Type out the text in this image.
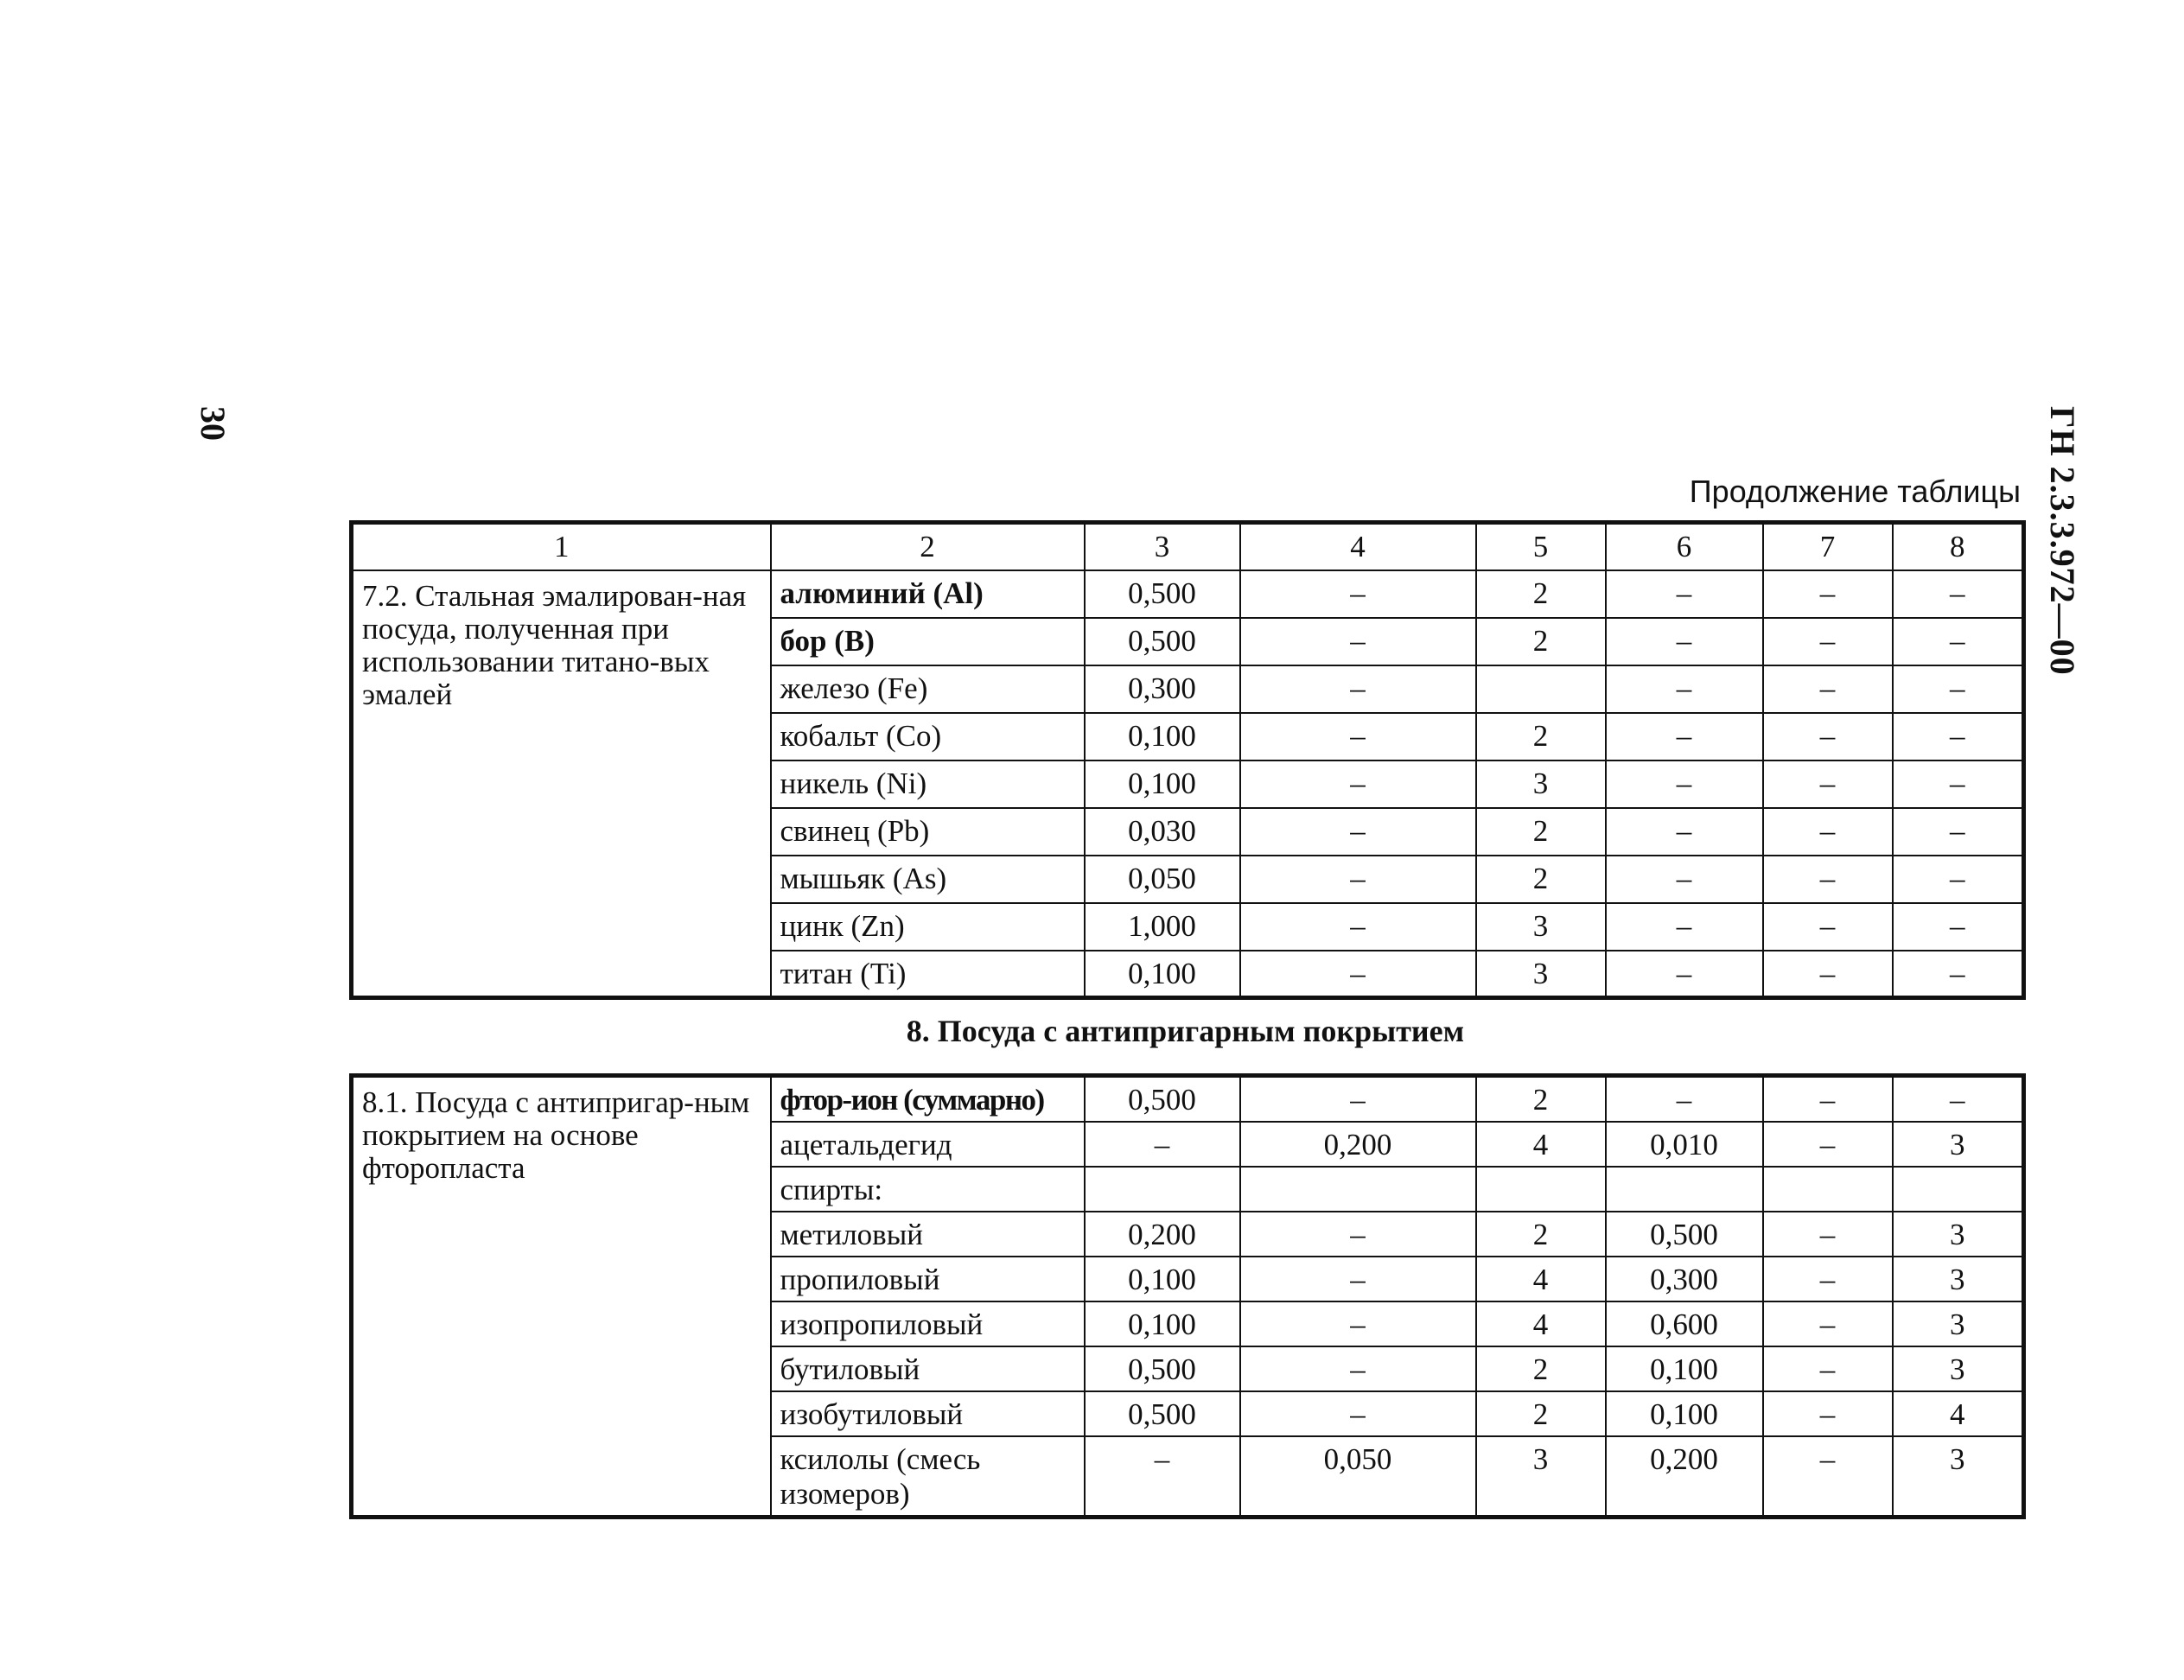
30	ГН 2.3.3.972—00
Продолжение таблицы
1	2	3	4	5	6	7	8
7.2. Стальная эмалирован-ная посуда, полученная при использовании титано-вых эмалей	алюминий (Al)	0,500	–	2	–	–	–
	бор (B)	0,500	–	2	–	–	–
	железо (Fe)	0,300	–		–	–	–
	кобальт (Co)	0,100	–	2	–	–	–
	никель (Ni)	0,100	–	3	–	–	–
	свинец (Pb)	0,030	–	2	–	–	–
	мышьяк (As)	0,050	–	2	–	–	–
	цинк (Zn)	1,000	–	3	–	–	–
	титан (Ti)	0,100	–	3	–	–	–
8. Посуда с антипригарным покрытием
8.1. Посуда с антипригар-ным покрытием на основе фторопласта	фтор-ион (суммарно)	0,500	–	2	–	–	–
	ацетальдегид	–	0,200	4	0,010	–	3
	спирты:						
	метиловый	0,200	–	2	0,500	–	3
	пропиловый	0,100	–	4	0,300	–	3
	изопропиловый	0,100	–	4	0,600	–	3
	бутиловый	0,500	–	2	0,100	–	3
	изобутиловый	0,500	–	2	0,100	–	4
	ксилолы (смесь изомеров)	–	0,050	3	0,200	–	3
